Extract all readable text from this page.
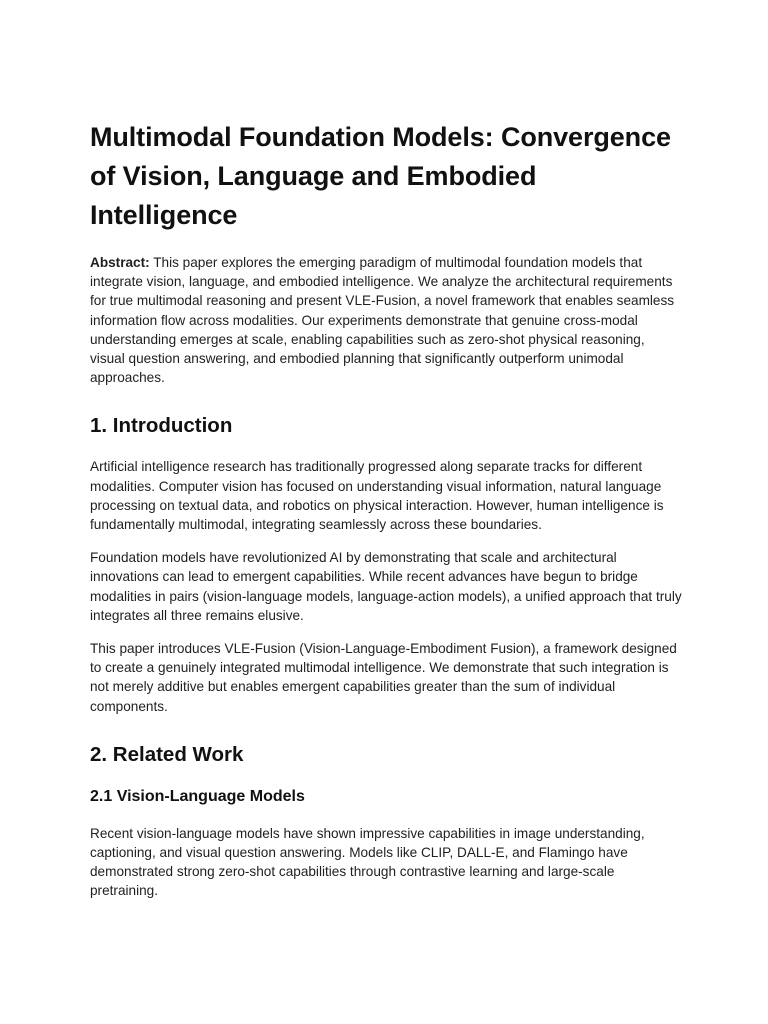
Multimodal Foundation Models: Convergence of Vision, Language and Embodied Intelligence

Abstract: This paper explores the emerging paradigm of multimodal foundation models that integrate vision, language, and embodied intelligence. We analyze the architectural requirements for true multimodal reasoning and present VLE-Fusion, a novel framework that enables seamless information flow across modalities. Our experiments demonstrate that genuine cross-modal understanding emerges at scale, enabling capabilities such as zero-shot physical reasoning, visual question answering, and embodied planning that significantly outperform unimodal approaches.

1. Introduction

Artificial intelligence research has traditionally progressed along separate tracks for different modalities. Computer vision has focused on understanding visual information, natural language processing on textual data, and robotics on physical interaction. However, human intelligence is fundamentally multimodal, integrating seamlessly across these boundaries.

Foundation models have revolutionized AI by demonstrating that scale and architectural innovations can lead to emergent capabilities. While recent advances have begun to bridge modalities in pairs (vision-language models, language-action models), a unified approach that truly integrates all three remains elusive.

This paper introduces VLE-Fusion (Vision-Language-Embodiment Fusion), a framework designed to create a genuinely integrated multimodal intelligence. We demonstrate that such integration is not merely additive but enables emergent capabilities greater than the sum of individual components.

2. Related Work
2.1 Vision-Language Models

Recent vision-language models have shown impressive capabilities in image understanding, captioning, and visual question answering. Models like CLIP, DALL-E, and Flamingo have demonstrated strong zero-shot capabilities through contrastive learning and large-scale pretraining.
